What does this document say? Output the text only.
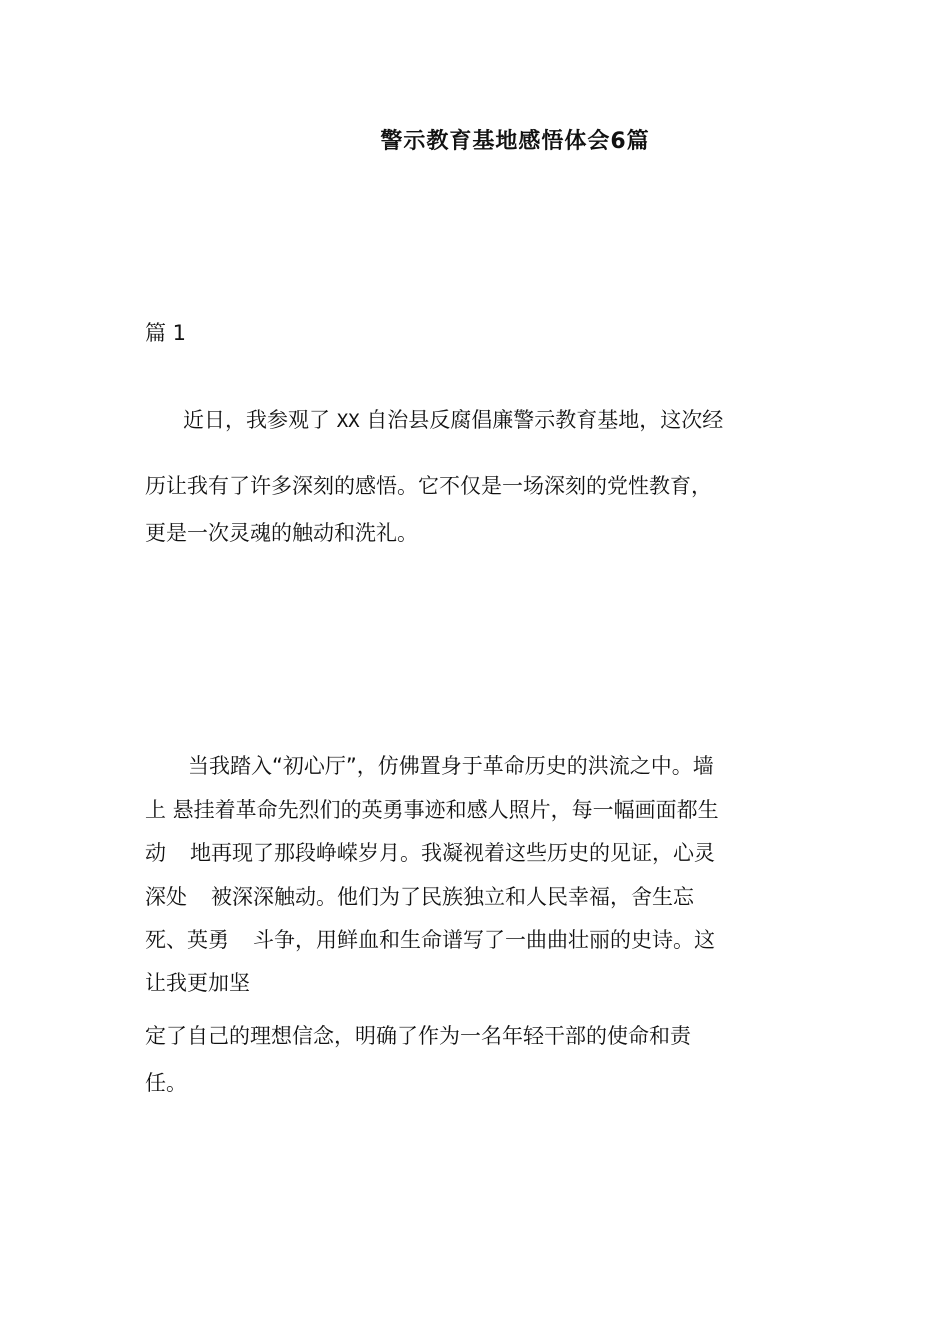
警示教育基地感悟体会6篇
篇 1
近日，我参观了 XX 自治县反腐倡廉警示教育基地，这次经
历让我有了许多深刻的感悟。它不仅是一场深刻的党性教育，
更是一次灵魂的触动和洗礼。
当我踏入“初心厅”，仿佛置身于革命历史的洪流之中。墙
上 悬挂着革命先烈们的英勇事迹和感人照片，每一幅画面都生
动 地再现了那段峥嵘岁月。我凝视着这些历史的见证，心灵
深处 被深深触动。他们为了民族独立和人民幸福，舍生忘
死、英勇 斗争，用鲜血和生命谱写了一曲曲壮丽的史诗。这
让我更加坚
定了自己的理想信念，明确了作为一名年轻干部的使命和责
任。
